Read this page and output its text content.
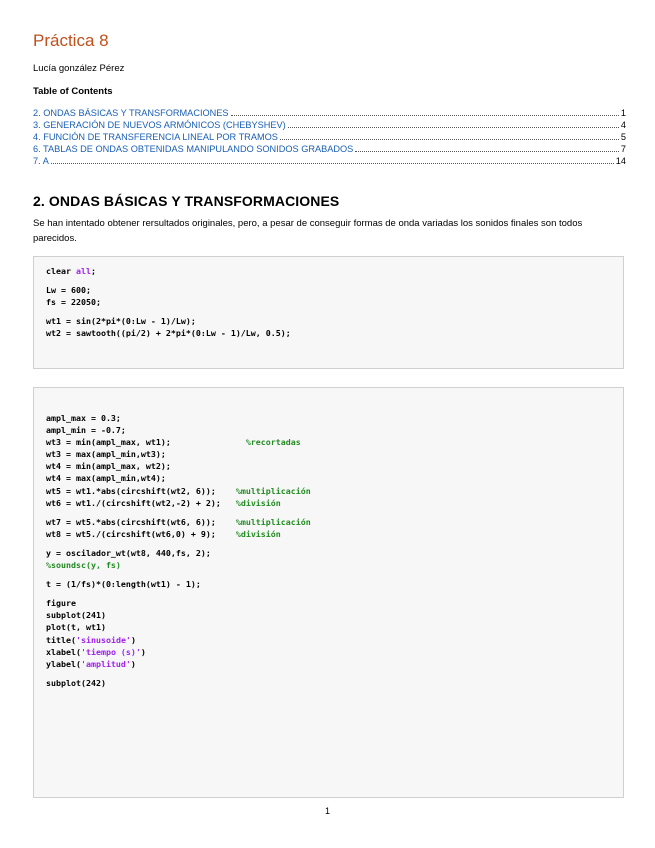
Práctica 8
Lucía gonzález Pérez
Table of Contents
2. ONDAS BÁSICAS Y TRANSFORMACIONES	1
3. GENERACIÓN DE NUEVOS ARMÓNICOS (CHEBYSHEV)	4
4. FUNCIÓN DE TRANSFERENCIA LINEAL POR TRAMOS	5
6. TABLAS DE ONDAS OBTENIDAS MANIPULANDO SONIDOS GRABADOS	7
7. A	14
2. ONDAS BÁSICAS Y TRANSFORMACIONES
Se han intentado obtener rersultados originales, pero, a pesar de conseguir formas de onda variadas los sonidos finales son todos parecidos.
clear all;
Lw = 600;
fs = 22050;
wt1 = sin(2*pi*(0:Lw - 1)/Lw);
wt2 = sawtooth((pi/2) + 2*pi*(0:Lw - 1)/Lw, 0.5);
ampl_max = 0.3;
ampl_min = -0.7;
wt3 = min(ampl_max, wt1);               %recortadas
wt3 = max(ampl_min,wt3);
wt4 = min(ampl_max, wt2);
wt4 = max(ampl_min,wt4);
wt5 = wt1.*abs(circshift(wt2, 6));    %multiplicación
wt6 = wt1./(circshift(wt2,-2) + 2);   %división
wt7 = wt5.*abs(circshift(wt6, 6));    %multiplicación
wt8 = wt5./(circshift(wt6,0) + 9);    %división
y = oscilador_wt(wt8, 440,fs, 2);
%soundsc(y, fs)
t = (1/fs)*(0:length(wt1) - 1);
figure
subplot(241)
plot(t, wt1)
title('sinusoide')
xlabel('tiempo (s)')
ylabel('amplitud')
subplot(242)
1
